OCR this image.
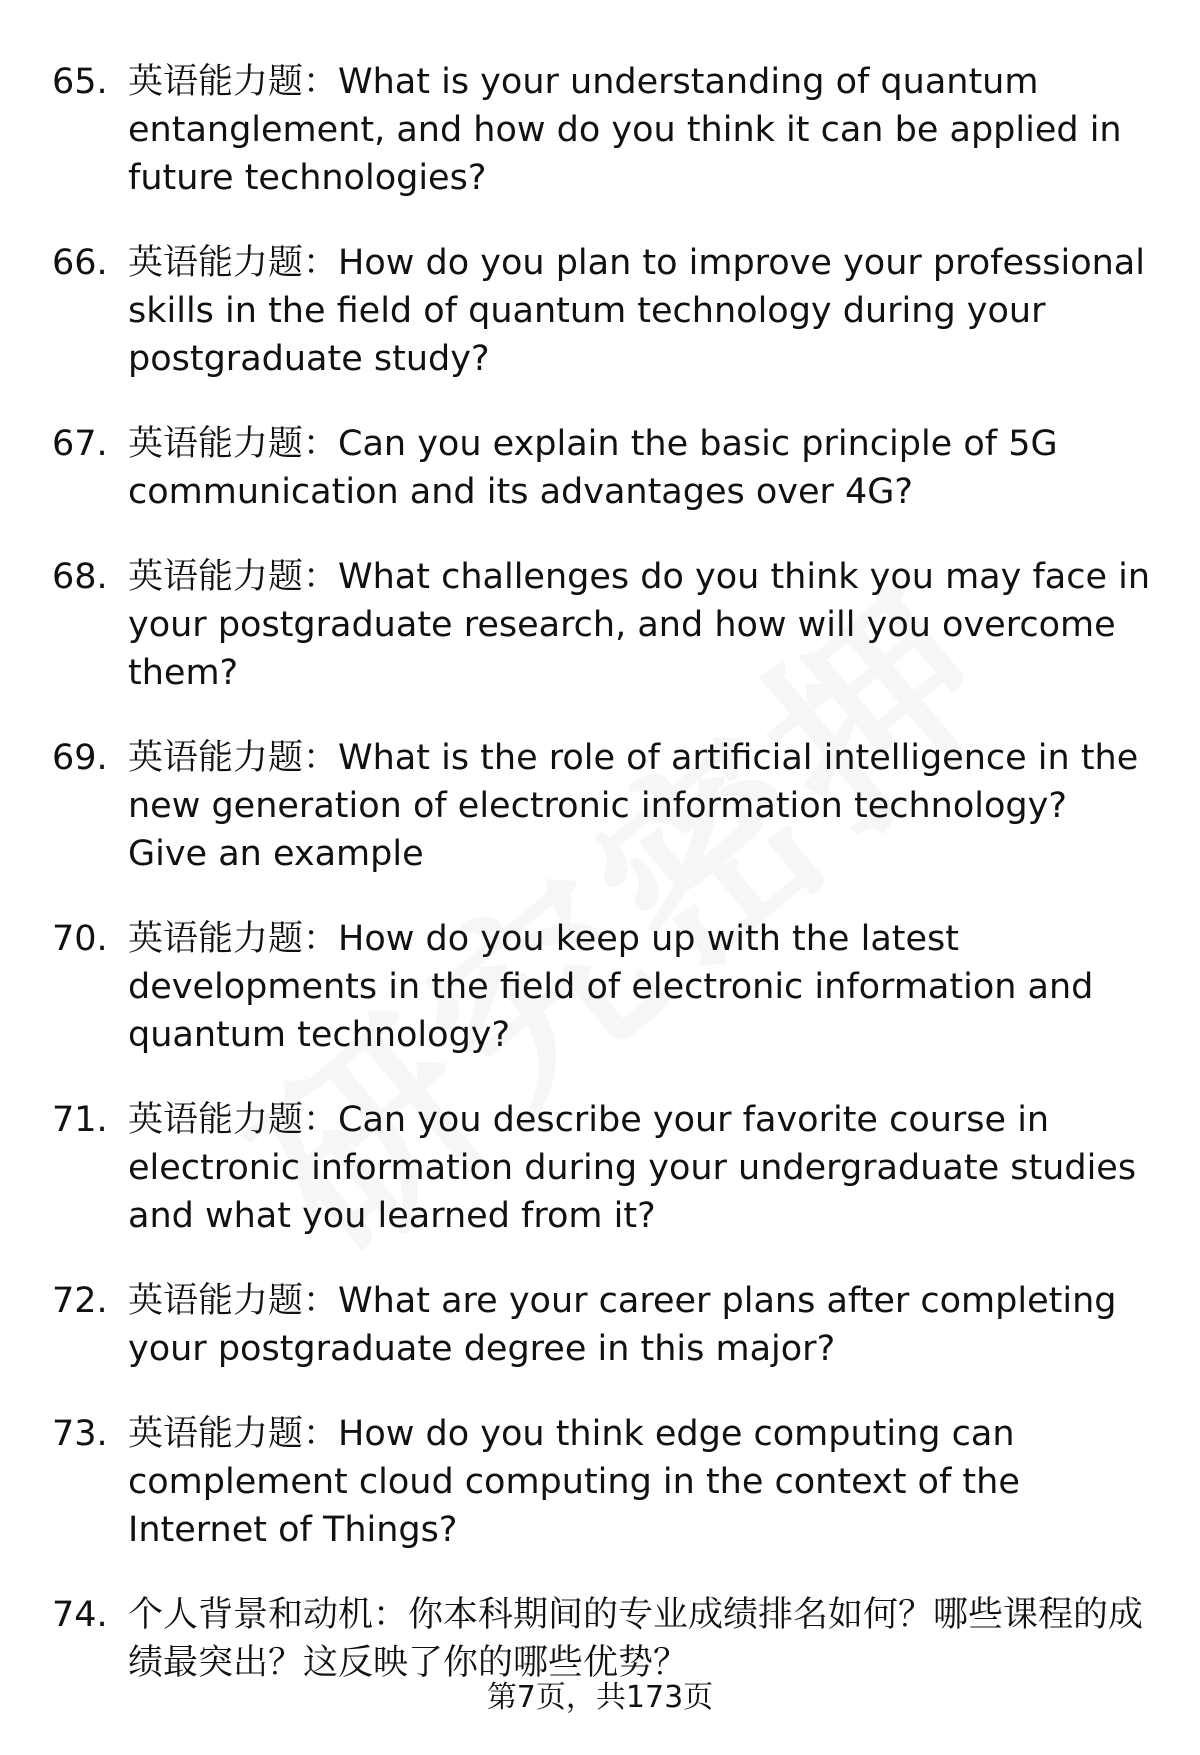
65. 英语能力题：What is your understanding of quantum entanglement, and how do you think it can be applied in future technologies?
66. 英语能力题：How do you plan to improve your professional skills in the field of quantum technology during your postgraduate study?
67. 英语能力题：Can you explain the basic principle of 5G communication and its advantages over 4G?
68. 英语能力题：What challenges do you think you may face in your postgraduate research, and how will you overcome them?
69. 英语能力题：What is the role of artificial intelligence in the new generation of electronic information technology? Give an example
70. 英语能力题：How do you keep up with the latest developments in the field of electronic information and quantum technology?
71. 英语能力题：Can you describe your favorite course in electronic information during your undergraduate studies and what you learned from it?
72. 英语能力题：What are your career plans after completing your postgraduate degree in this major?
73. 英语能力题：How do you think edge computing can complement cloud computing in the context of the Internet of Things?
74. 个人背景和动机：你本科期间的专业成绩排名如何？哪些课程的成绩最突出？这反映了你的哪些优势？
第7页，共173页
